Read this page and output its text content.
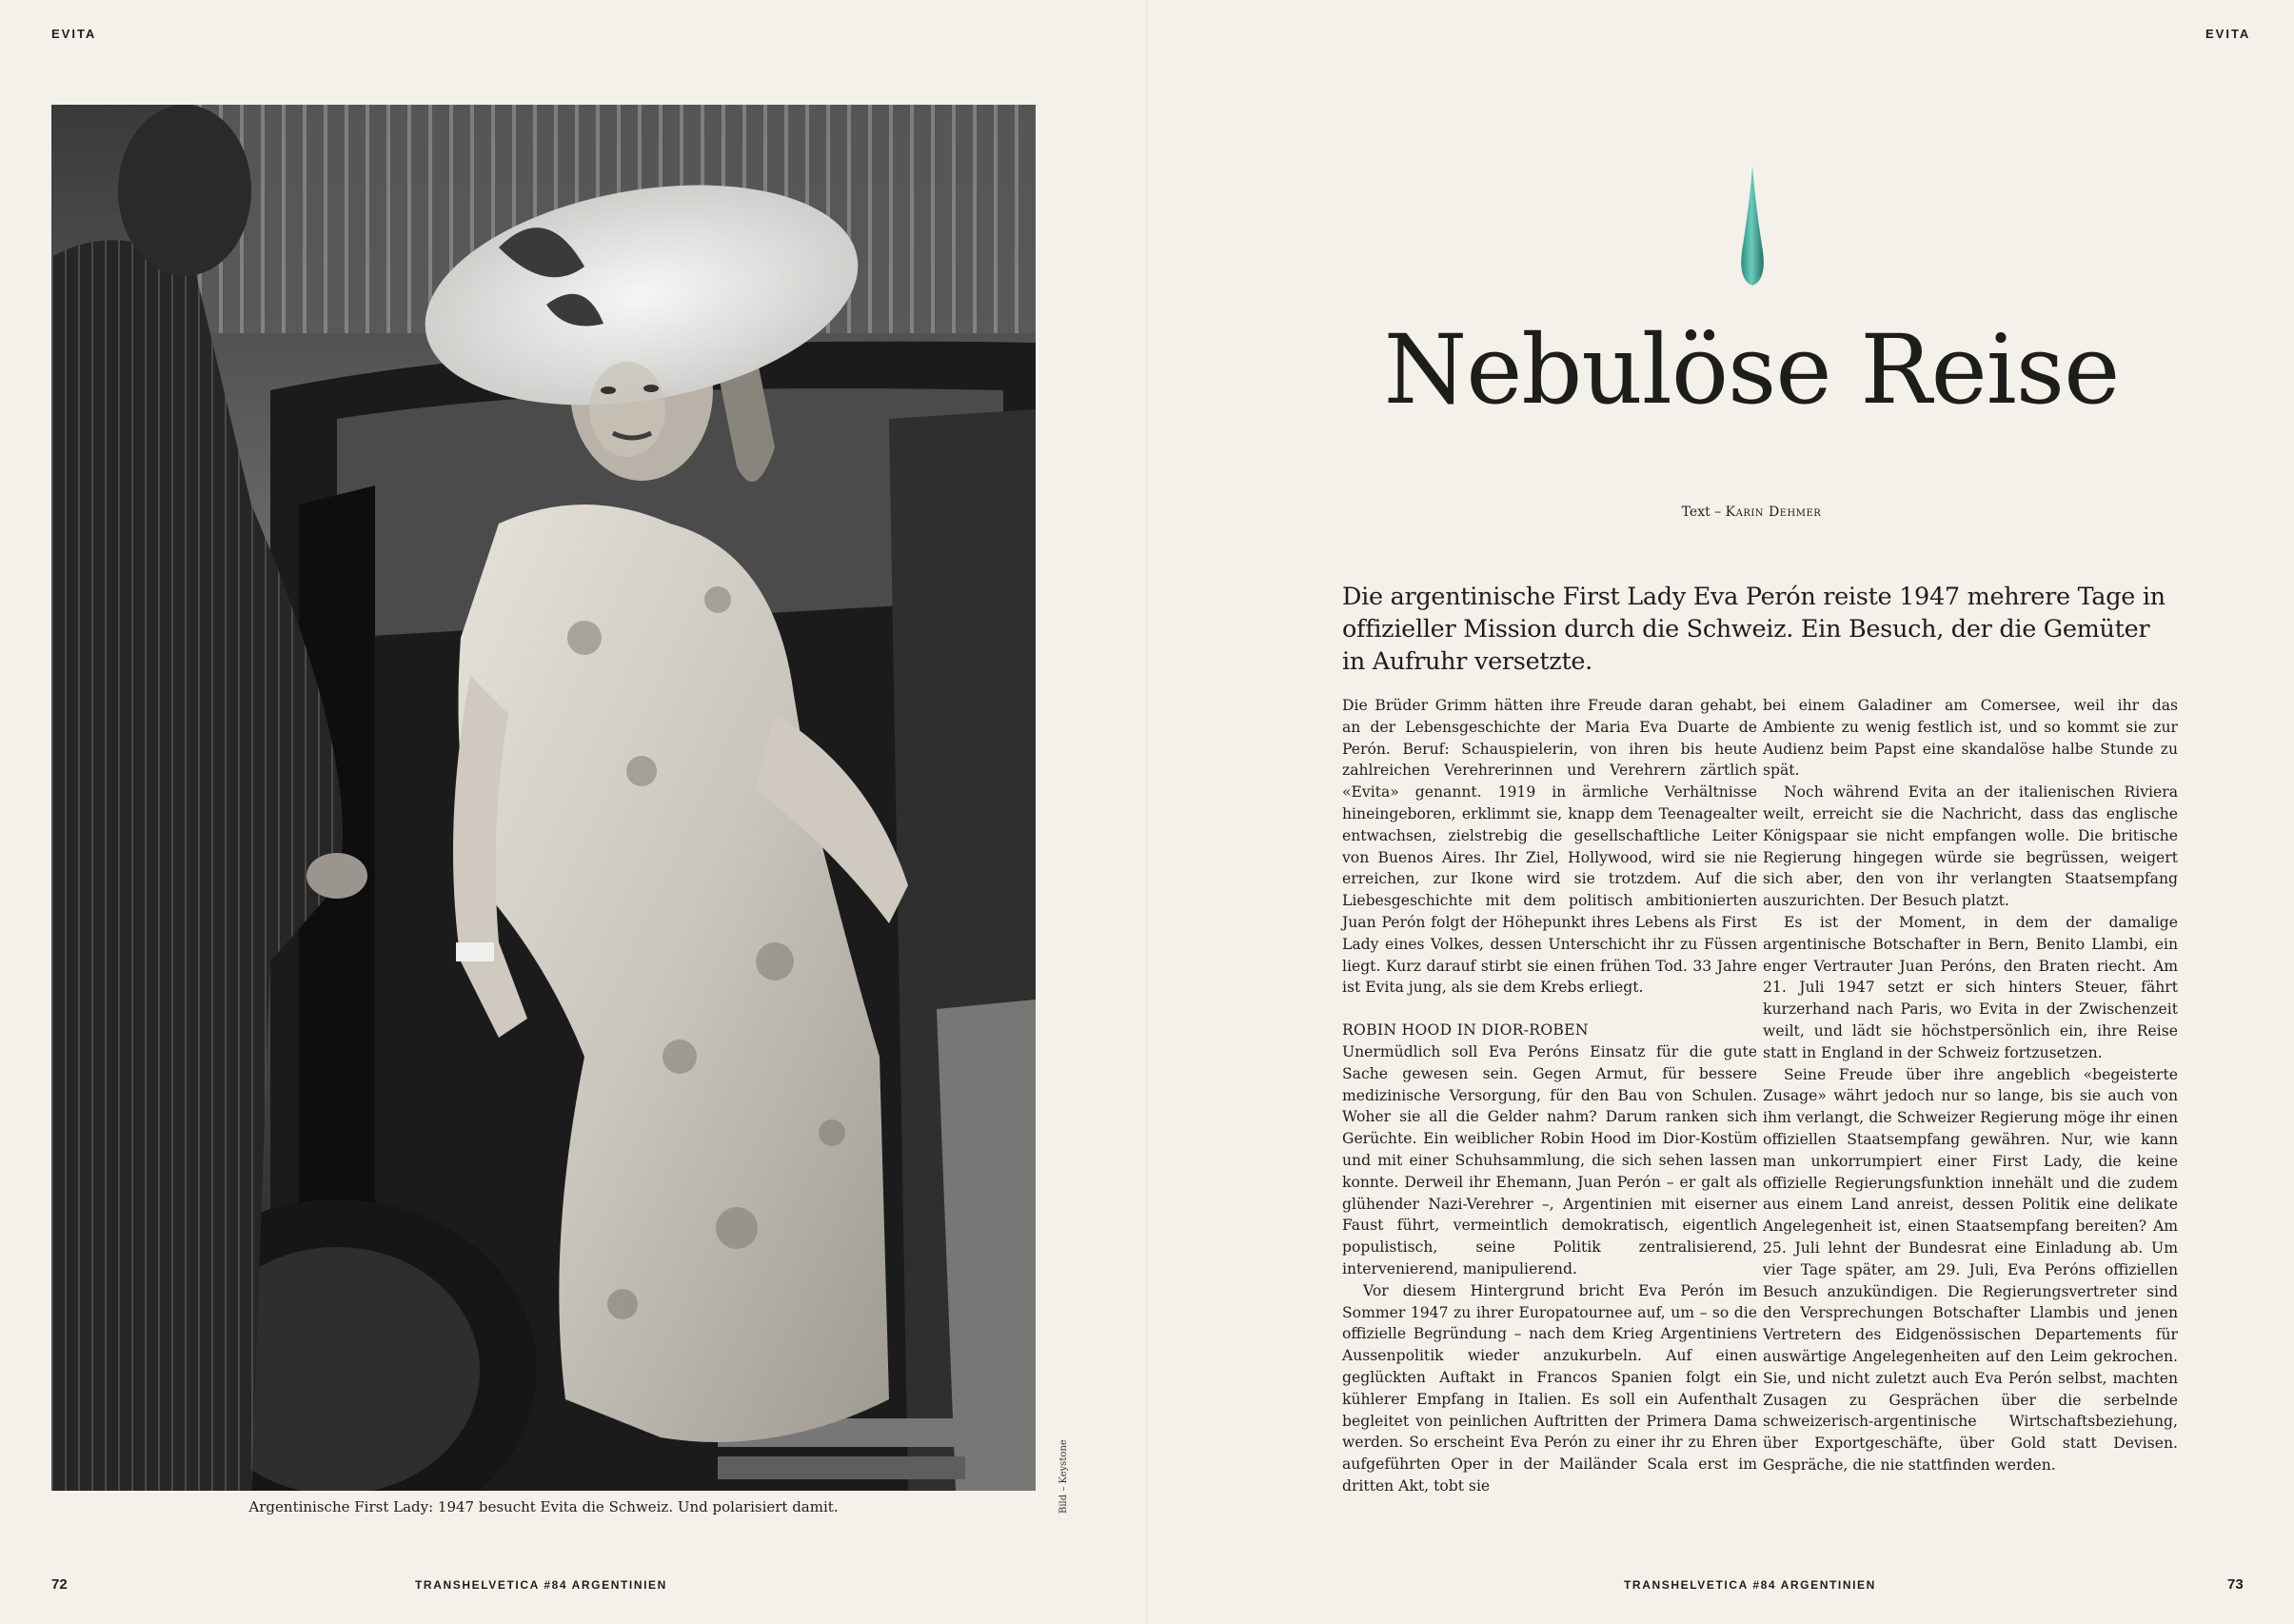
EVITA
Argentinische First Lady: 1947 besucht Evita die Schweiz. Und polarisiert damit.	Bild – Keystone
72	TRANSHELVETICA #84 ARGENTINIEN
EVITA
Nebulöse Reise
Text – Karin Dehmer

Die argentinische First Lady Eva Perón reiste 1947 mehrere Tage in offizieller Mission durch die Schweiz. Ein Besuch, der die Gemüter in Aufruhr versetzte.

Die Brüder Grimm hätten ihre Freude daran gehabt, an der Lebensgeschichte der Maria Eva Duarte de Perón. Beruf: Schauspielerin, von ihren bis heute zahlreichen Verehrerinnen und Verehrern zärtlich «Evita» genannt. 1919 in ärmliche Verhältnisse hineingeboren, erklimmt sie, knapp dem Teenagealter entwachsen, zielstrebig die gesellschaftliche Leiter von Buenos Aires. Ihr Ziel, Hollywood, wird sie nie erreichen, zur Ikone wird sie trotzdem. Auf die Liebesgeschichte mit dem politisch ambitionierten Juan Perón folgt der Höhepunkt ihres Lebens als First Lady eines Volkes, dessen Unterschicht ihr zu Füssen liegt. Kurz darauf stirbt sie einen frühen Tod. 33 Jahre ist Evita jung, als sie dem Krebs erliegt.

ROBIN HOOD IN DIOR-ROBEN

Unermüdlich soll Eva Peróns Einsatz für die gute Sache gewesen sein. Gegen Armut, für bessere medizinische Versorgung, für den Bau von Schulen. Woher sie all die Gelder nahm? Darum ranken sich Gerüchte. Ein weiblicher Robin Hood im Dior-Kostüm und mit einer Schuhsammlung, die sich sehen lassen konnte. Derweil ihr Ehemann, Juan Perón – er galt als glühender Nazi-Verehrer –, Argentinien mit eiserner Faust führt, vermeintlich demokratisch, eigentlich populistisch, seine Politik zentralisierend, intervenierend, manipulierend.

Vor diesem Hintergrund bricht Eva Perón im Sommer 1947 zu ihrer Europatournee auf, um – so die offizielle Begründung – nach dem Krieg Argentiniens Aussenpolitik wieder anzukurbeln. Auf einen geglückten Auftakt in Francos Spanien folgt ein kühlerer Empfang in Italien. Es soll ein Aufenthalt begleitet von peinlichen Auftritten der Primera Dama werden. So erscheint Eva Perón zu einer ihr zu Ehren aufgeführten Oper in der Mailänder Scala erst im dritten Akt, tobt sie

bei einem Galadiner am Comersee, weil ihr das Ambiente zu wenig festlich ist, und so kommt sie zur Audienz beim Papst eine skandalöse halbe Stunde zu spät.

Noch während Evita an der italienischen Riviera weilt, erreicht sie die Nachricht, dass das englische Königspaar sie nicht empfangen wolle. Die britische Regierung hingegen würde sie begrüssen, weigert sich aber, den von ihr verlangten Staatsempfang auszurichten. Der Besuch platzt.

Es ist der Moment, in dem der damalige argentinische Botschafter in Bern, Benito Llambi, ein enger Vertrauter Juan Peróns, den Braten riecht. Am 21. Juli 1947 setzt er sich hinters Steuer, fährt kurzerhand nach Paris, wo Evita in der Zwischenzeit weilt, und lädt sie höchstpersönlich ein, ihre Reise statt in England in der Schweiz fortzusetzen.

Seine Freude über ihre angeblich «begeisterte Zusage» währt jedoch nur so lange, bis sie auch von ihm verlangt, die Schweizer Regierung möge ihr einen offiziellen Staatsempfang gewähren. Nur, wie kann man unkorrumpiert einer First Lady, die keine offizielle Regierungsfunktion innehält und die zudem aus einem Land anreist, dessen Politik eine delikate Angelegenheit ist, einen Staatsempfang bereiten? Am 25. Juli lehnt der Bundesrat eine Einladung ab. Um vier Tage später, am 29. Juli, Eva Peróns offiziellen Besuch anzukündigen. Die Regierungsvertreter sind den Versprechungen Botschafter Llambis und jenen Vertretern des Eidgenössischen Departements für auswärtige Angelegenheiten auf den Leim gekrochen. Sie, und nicht zuletzt auch Eva Perón selbst, machten Zusagen zu Gesprächen über die serbelnde schweizerisch-argentinische Wirtschaftsbeziehung, über Exportgeschäfte, über Gold statt Devisen. Gespräche, die nie stattfinden werden.

TRANSHELVETICA #84 ARGENTINIEN	73
